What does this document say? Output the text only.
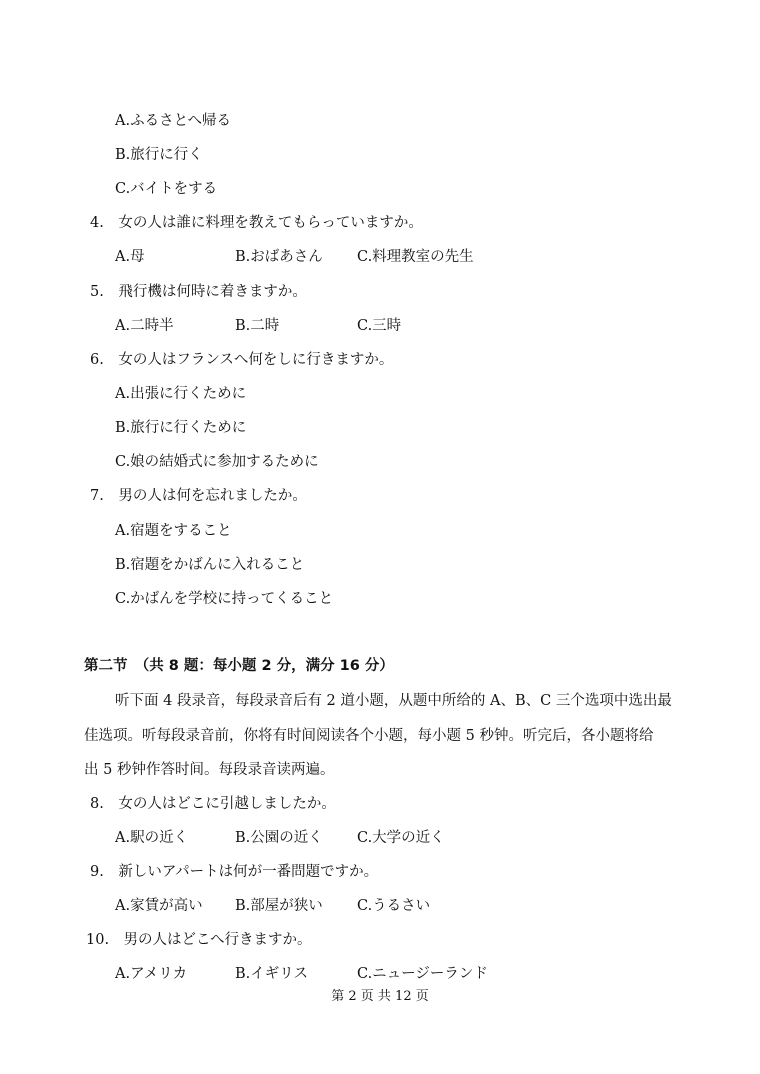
A.ふるさとへ帰る
B.旅行に行く
C.バイトをする
4.　女の人は誰に料理を教えてもらっていますか。
A.母	B.おばあさん C.料理教室の先生
5.　飛行機は何時に着きますか。
A.二時半	B.二時	C.三時
6.　女の人はフランスへ何をしに行きますか。
A.出張に行くために
B.旅行に行くために
C.娘の結婚式に参加するために
7.　男の人は何を忘れましたか。
A.宿題をすること
B.宿題をかばんに入れること
C.かばんを学校に持ってくること
第二节　（共 8 题：每小题 2 分，满分 16 分）
听下面 4 段录音，每段录音后有 2 道小题，从题中所给的 A、B、C 三个选项中选出最
佳选项。听每段录音前，你将有时间阅读各个小题，每小题 5 秒钟。听完后，各小题将给
出 5 秒钟作答时间。每段录音读两遍。
8.　女の人はどこに引越しましたか。
A.駅の近く	B.公園の近く C.大学の近く
9.　新しいアパートは何が一番問題ですか。
A.家賃が高い B.部屋が狭い C.うるさい
10.　男の人はどこへ行きますか。
A.アメリカ	B.イギリス	C.ニュージーランド
第 2 页 共 12 页
